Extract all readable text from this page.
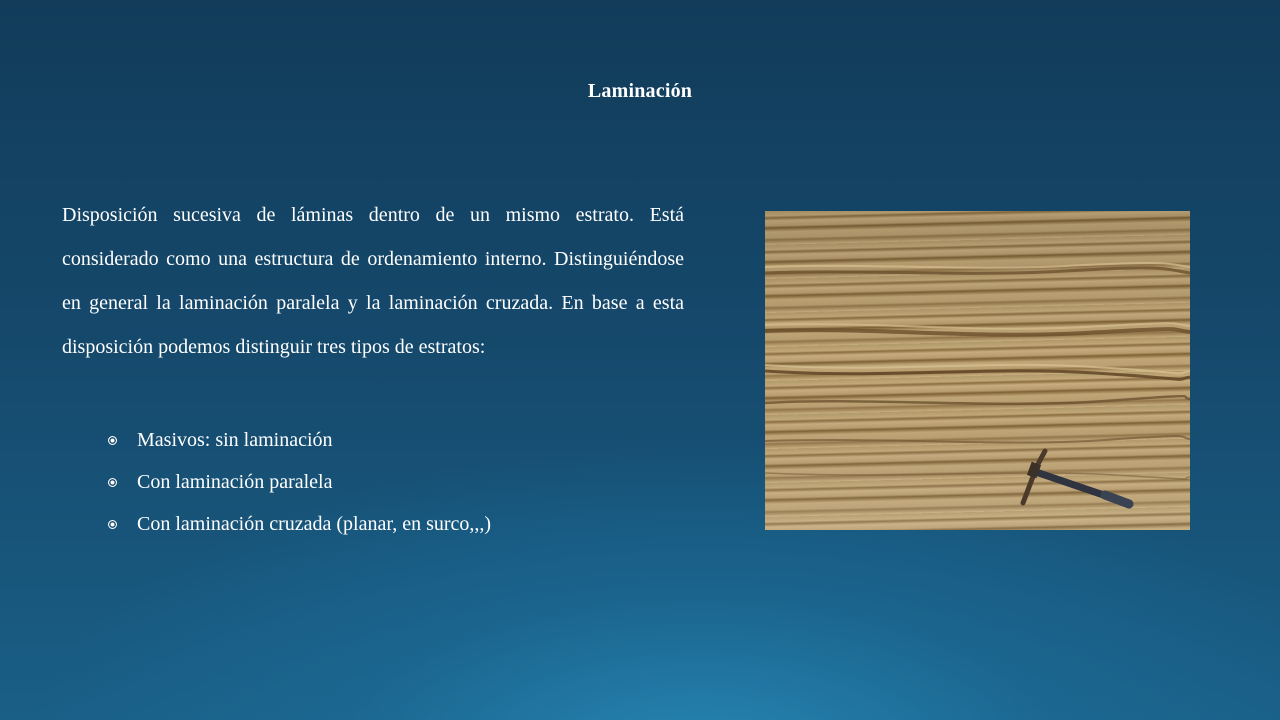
Laminación

Disposición sucesiva de láminas dentro de un mismo estrato. Está considerado como una estructura de ordenamiento interno. Distinguiéndose en general la laminación paralela y la laminación cruzada. En base a esta disposición podemos distinguir tres tipos de estratos:

Masivos: sin laminación
Con laminación paralela
Con laminación cruzada (planar, en surco,,,)
